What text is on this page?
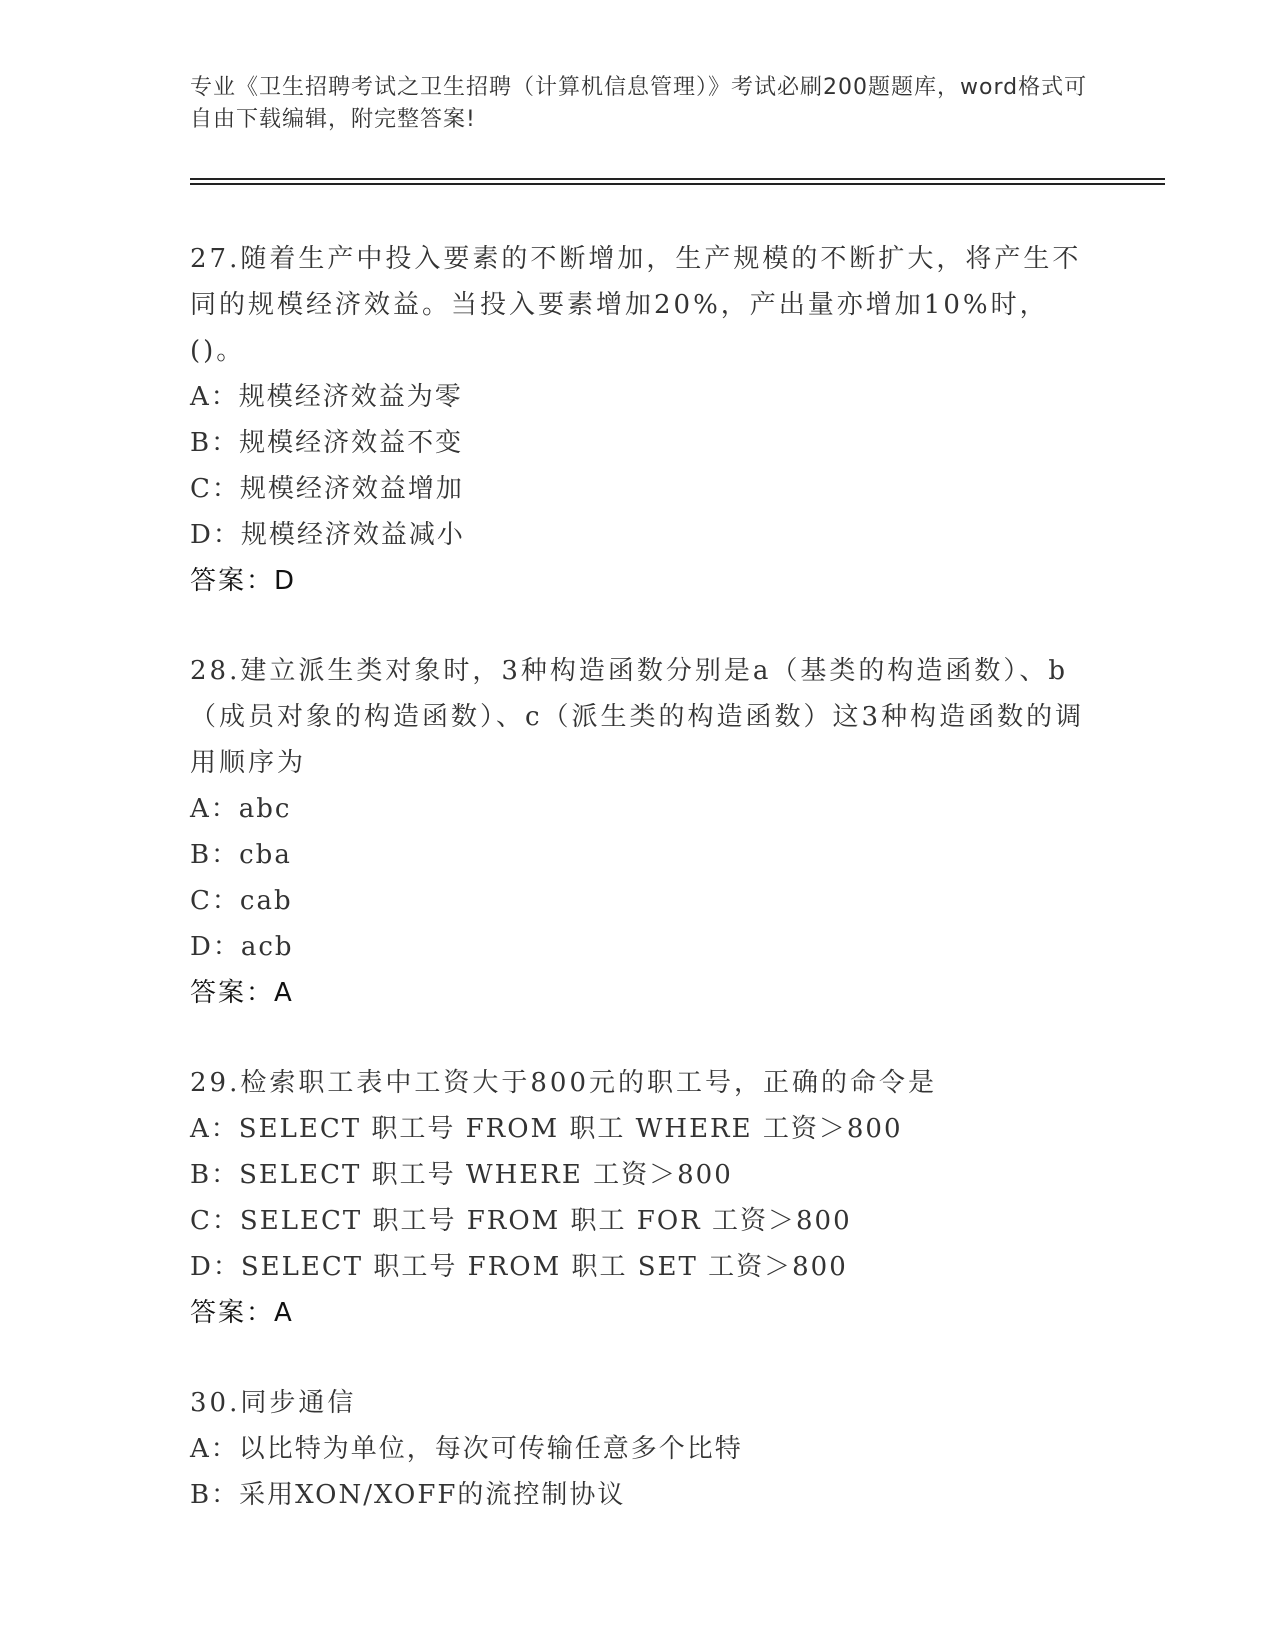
专业《卫生招聘考试之卫生招聘（计算机信息管理）》考试必刷200题题库，word格式可自由下载编辑，附完整答案!

27.随着生产中投入要素的不断增加，生产规模的不断扩大，将产生不同的规模经济效益。当投入要素增加20%，产出量亦增加10%时，()。

A：规模经济效益为零
B：规模经济效益不变
C：规模经济效益增加
D：规模经济效益减小
答案：D

28.建立派生类对象时，3种构造函数分别是a（基类的构造函数）、b（成员对象的构造函数）、c（派生类的构造函数）这3种构造函数的调用顺序为

A：abc
B：cba
C：cab
D：acb
答案：A

29.检索职工表中工资大于800元的职工号，正确的命令是

A：SELECT 职工号 FROM 职工 WHERE 工资＞800
B：SELECT 职工号 WHERE 工资＞800
C：SELECT 职工号 FROM 职工 FOR 工资＞800
D：SELECT 职工号 FROM 职工 SET 工资＞800
答案：A

30.同步通信

A：以比特为单位，每次可传输任意多个比特
B：采用XON/XOFF的流控制协议
